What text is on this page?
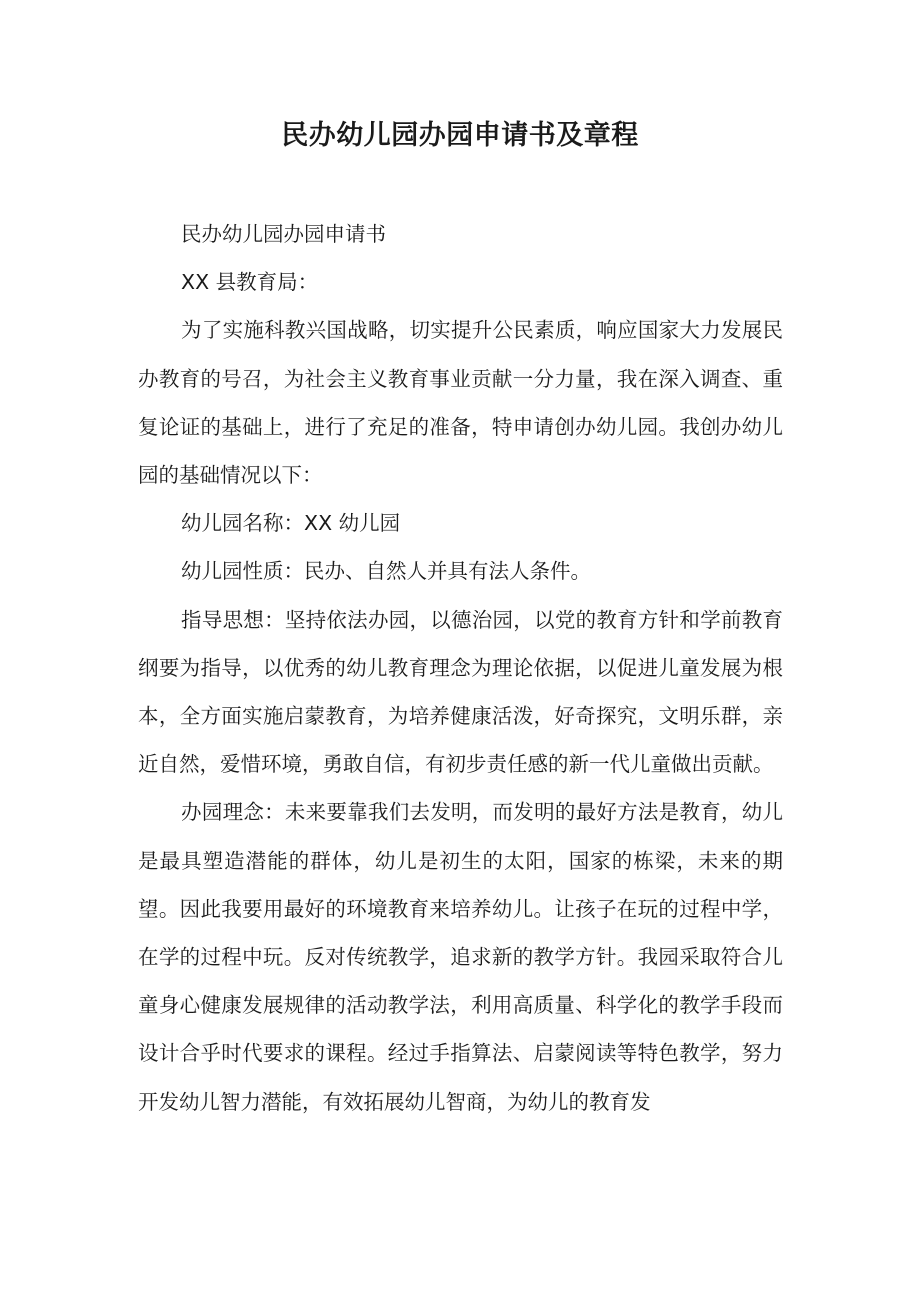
民办幼儿园办园申请书及章程

民办幼儿园办园申请书

XX 县教育局：

为了实施科教兴国战略，切实提升公民素质，响应国家大力发展民办教育的号召，为社会主义教育事业贡献一分力量，我在深入调查、重复论证的基础上，进行了充足的准备，特申请创办幼儿园。我创办幼儿园的基础情况以下：

幼儿园名称：XX 幼儿园

幼儿园性质：民办、自然人并具有法人条件。

指导思想：坚持依法办园，以德治园，以党的教育方针和学前教育纲要为指导，以优秀的幼儿教育理念为理论依据，以促进儿童发展为根本，全方面实施启蒙教育，为培养健康活泼，好奇探究，文明乐群，亲近自然，爱惜环境，勇敢自信，有初步责任感的新一代儿童做出贡献。

办园理念：未来要靠我们去发明，而发明的最好方法是教育，幼儿是最具塑造潜能的群体，幼儿是初生的太阳，国家的栋梁，未来的期望。因此我要用最好的环境教育来培养幼儿。让孩子在玩的过程中学，在学的过程中玩。反对传统教学，追求新的教学方针。我园采取符合儿童身心健康发展规律的活动教学法，利用高质量、科学化的教学手段而设计合乎时代要求的课程。经过手指算法、启蒙阅读等特色教学，努力开发幼儿智力潜能，有效拓展幼儿智商，为幼儿的教育发
